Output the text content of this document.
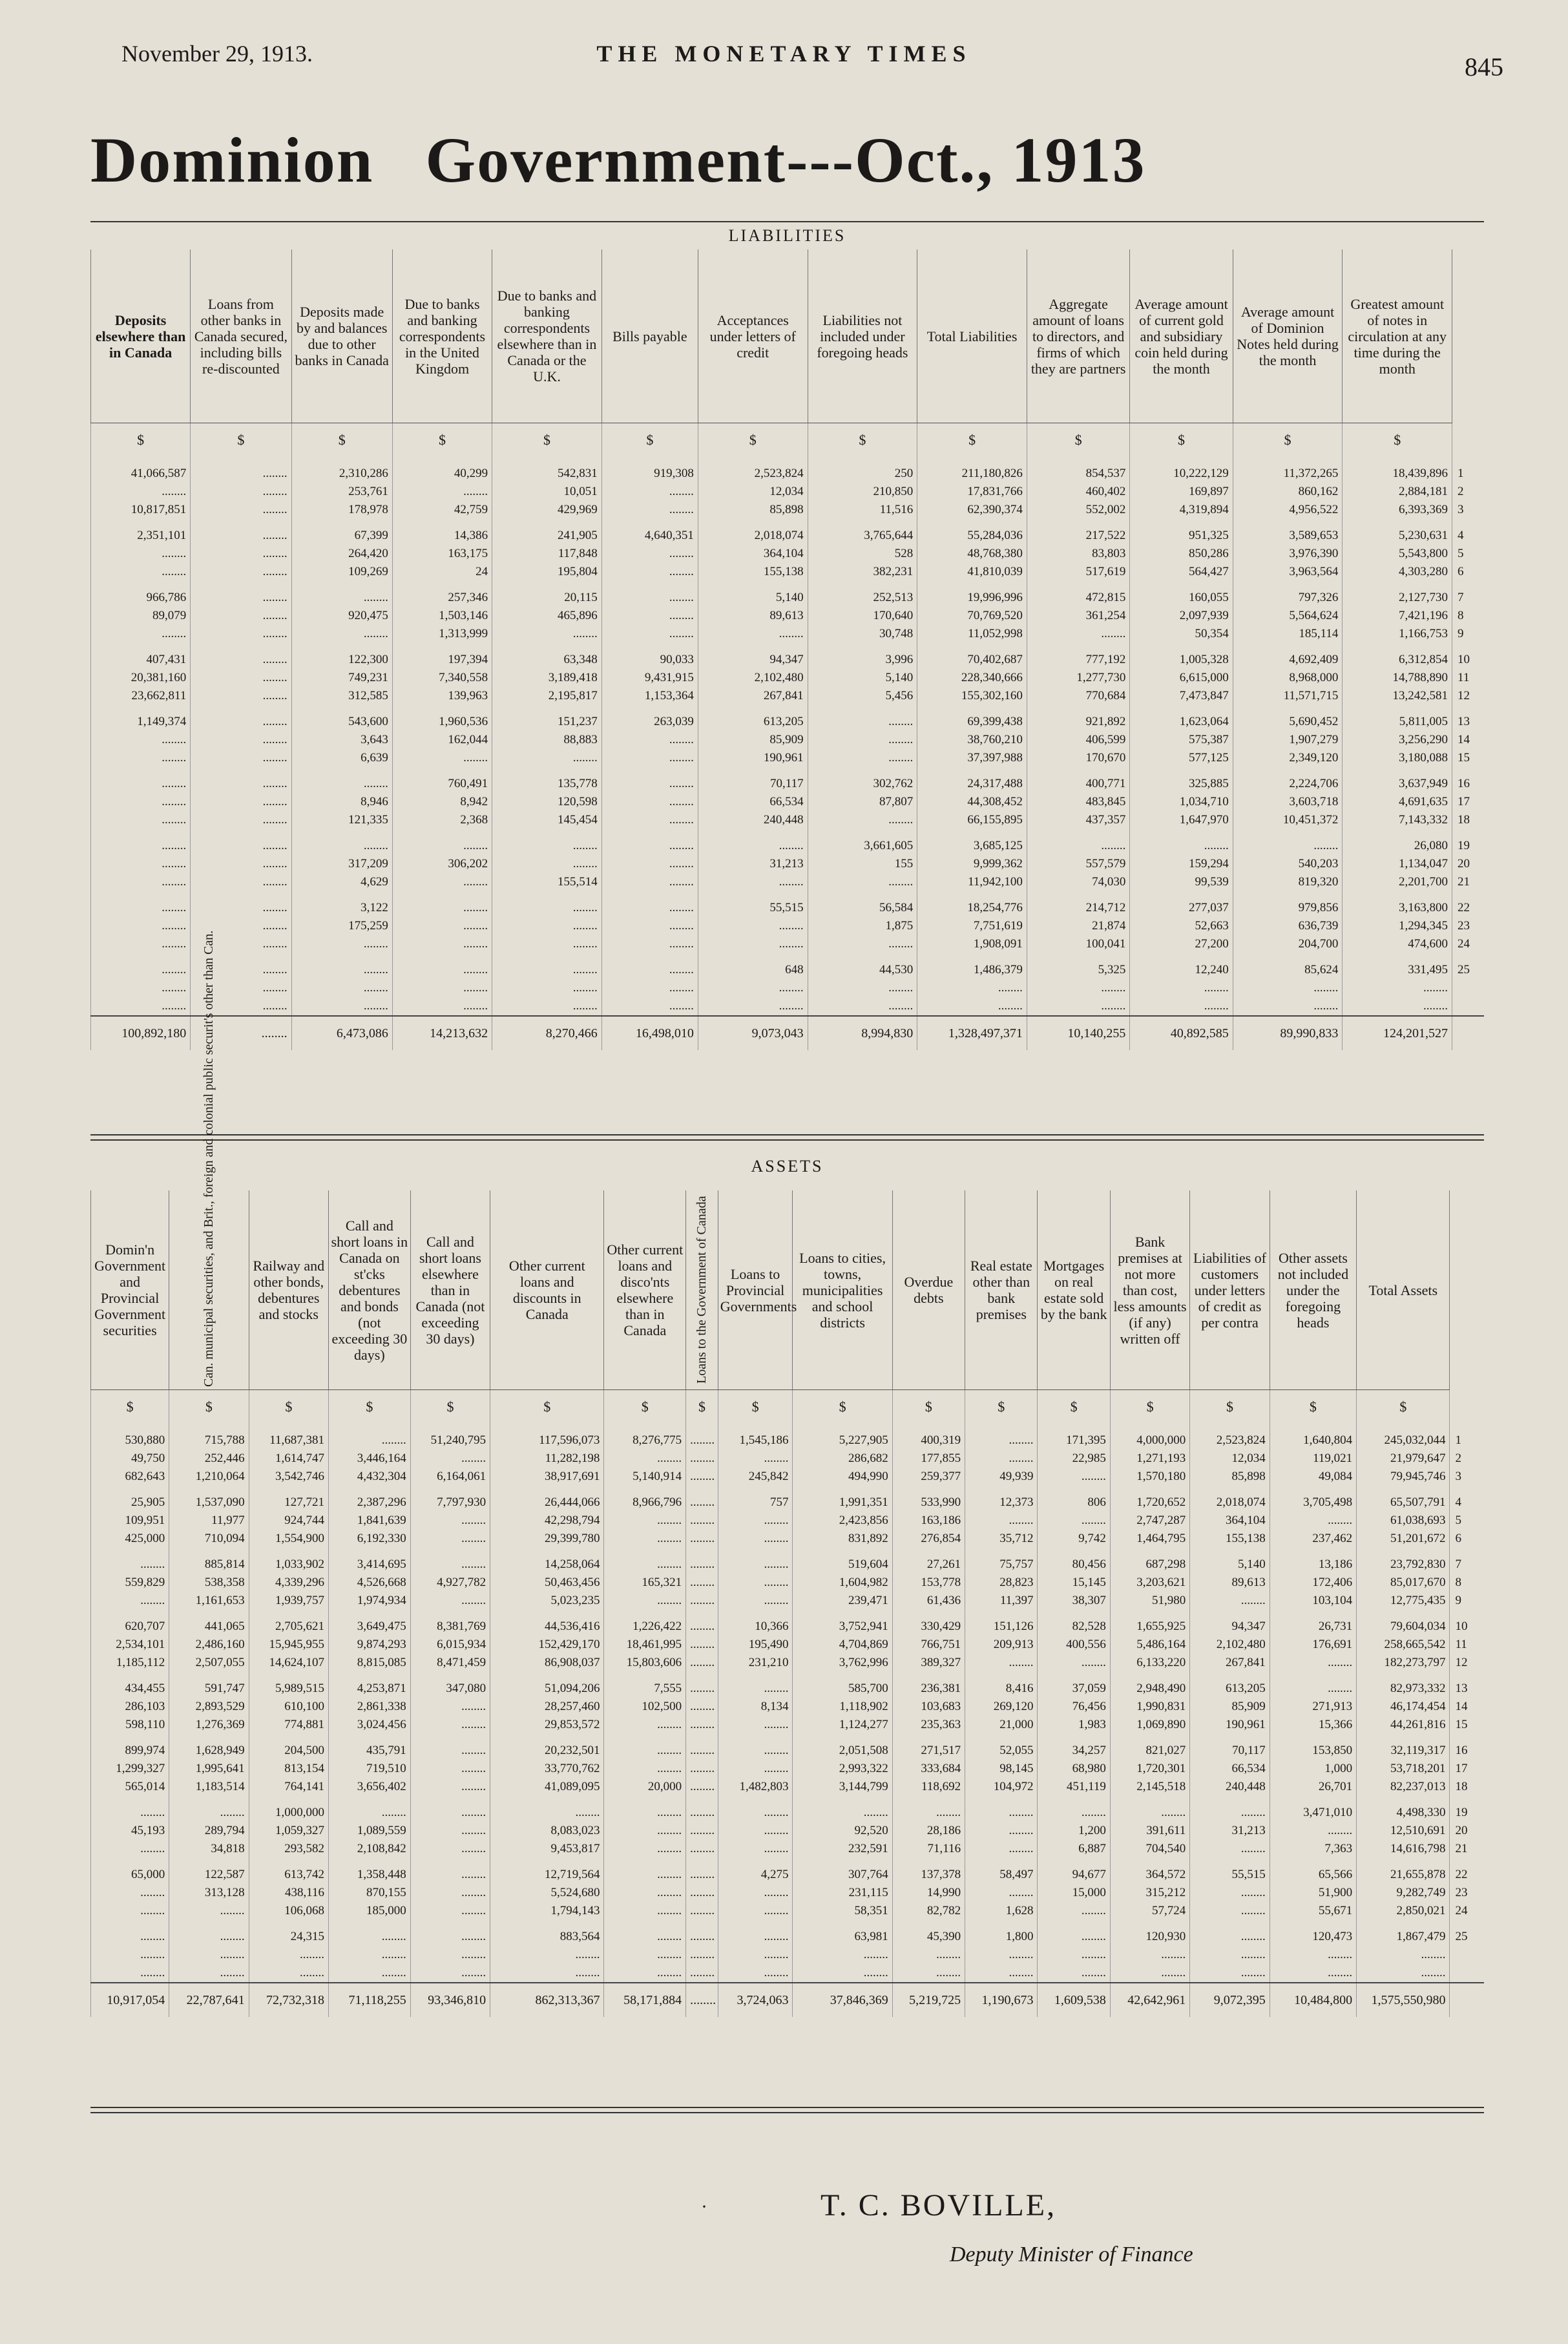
November 29, 1913.	THE MONETARY TIMES	845
Dominion Government---Oct., 1913
LIABILITIES
Deposits elsewhere than in Canada	Loans from other banks in Canada secured, including bills re-discounted	Deposits made by and balances due to other banks in Canada	Due to banks and banking correspondents in the United Kingdom	Due to banks and banking correspondents elsewhere than in Canada or the U.K.	Bills payable	Acceptances under letters of credit	Liabilities not included under foregoing heads	Total Liabilities	Aggregate amount of loans to directors, and firms of which they are partners	Average amount of current gold and subsidiary coin held during the month	Average amount of Dominion Notes held during the month	Greatest amount of notes in circulation at any time during the month	
$	$	$	$	$	$	$	$	$	$	$	$	$	
41,066,587	........	2,310,286	40,299	542,831	919,308	2,523,824	250	211,180,826	854,537	10,222,129	11,372,265	18,439,896	1
........	........	253,761	........	10,051	........	12,034	210,850	17,831,766	460,402	169,897	860,162	2,884,181	2
10,817,851	........	178,978	42,759	429,969	........	85,898	11,516	62,390,374	552,002	4,319,894	4,956,522	6,393,369	3
2,351,101	........	67,399	14,386	241,905	4,640,351	2,018,074	3,765,644	55,284,036	217,522	951,325	3,589,653	5,230,631	4
........	........	264,420	163,175	117,848	........	364,104	528	48,768,380	83,803	850,286	3,976,390	5,543,800	5
........	........	109,269	24	195,804	........	155,138	382,231	41,810,039	517,619	564,427	3,963,564	4,303,280	6
966,786	........	........	257,346	20,115	........	5,140	252,513	19,996,996	472,815	160,055	797,326	2,127,730	7
89,079	........	920,475	1,503,146	465,896	........	89,613	170,640	70,769,520	361,254	2,097,939	5,564,624	7,421,196	8
........	........	........	1,313,999	........	........	........	30,748	11,052,998	........	50,354	185,114	1,166,753	9
407,431	........	122,300	197,394	63,348	90,033	94,347	3,996	70,402,687	777,192	1,005,328	4,692,409	6,312,854	10
20,381,160	........	749,231	7,340,558	3,189,418	9,431,915	2,102,480	5,140	228,340,666	1,277,730	6,615,000	8,968,000	14,788,890	11
23,662,811	........	312,585	139,963	2,195,817	1,153,364	267,841	5,456	155,302,160	770,684	7,473,847	11,571,715	13,242,581	12
1,149,374	........	543,600	1,960,536	151,237	263,039	613,205	........	69,399,438	921,892	1,623,064	5,690,452	5,811,005	13
........	........	3,643	162,044	88,883	........	85,909	........	38,760,210	406,599	575,387	1,907,279	3,256,290	14
........	........	6,639	........	........	........	190,961	........	37,397,988	170,670	577,125	2,349,120	3,180,088	15
........	........	........	760,491	135,778	........	70,117	302,762	24,317,488	400,771	325,885	2,224,706	3,637,949	16
........	........	8,946	8,942	120,598	........	66,534	87,807	44,308,452	483,845	1,034,710	3,603,718	4,691,635	17
........	........	121,335	2,368	145,454	........	240,448	........	66,155,895	437,357	1,647,970	10,451,372	7,143,332	18
........	........	........	........	........	........	........	3,661,605	3,685,125	........	........	........	26,080	19
........	........	317,209	306,202	........	........	31,213	155	9,999,362	557,579	159,294	540,203	1,134,047	20
........	........	4,629	........	155,514	........	........	........	11,942,100	74,030	99,539	819,320	2,201,700	21
........	........	3,122	........	........	........	55,515	56,584	18,254,776	214,712	277,037	979,856	3,163,800	22
........	........	175,259	........	........	........	........	1,875	7,751,619	21,874	52,663	636,739	1,294,345	23
........	........	........	........	........	........	........	........	1,908,091	100,041	27,200	204,700	474,600	24
........	........	........	........	........	........	648	44,530	1,486,379	5,325	12,240	85,624	331,495	25
........	........	........	........	........	........	........	........	........	........	........	........	........	
........	........	........	........	........	........	........	........	........	........	........	........	........	
100,892,180	........	6,473,086	14,213,632	8,270,466	16,498,010	9,073,043	8,994,830	1,328,497,371	10,140,255	40,892,585	89,990,833	124,201,527	
ASSETS
Domin'n Government and Provincial Government securities	Can. municipal securities, and Brit., foreign and colonial public securit's other than Can.	Railway and other bonds, debentures and stocks	Call and short loans in Canada on st'cks debentures and bonds (not exceeding 30 days)	Call and short loans elsewhere than in Canada (not exceeding 30 days)	Other current loans and discounts in Canada	Other current loans and disco'nts elsewhere than in Canada	Loans to the Government of Canada	Loans to Provincial Governments	Loans to cities, towns, municipalities and school districts	Overdue debts	Real estate other than bank premises	Mortgages on real estate sold by the bank	Bank premises at not more than cost, less amounts (if any) written off	Liabilities of customers under letters of credit as per contra	Other assets not included under the foregoing heads	Total Assets	
$	$	$	$	$	$	$	$	$	$	$	$	$	$	$	$	$	
530,880	715,788	11,687,381	........	51,240,795	117,596,073	8,276,775	........	1,545,186	5,227,905	400,319	........	171,395	4,000,000	2,523,824	1,640,804	245,032,044	1
49,750	252,446	1,614,747	3,446,164	........	11,282,198	........	........	........	286,682	177,855	........	22,985	1,271,193	12,034	119,021	21,979,647	2
682,643	1,210,064	3,542,746	4,432,304	6,164,061	38,917,691	5,140,914	........	245,842	494,990	259,377	49,939	........	1,570,180	85,898	49,084	79,945,746	3
25,905	1,537,090	127,721	2,387,296	7,797,930	26,444,066	8,966,796	........	757	1,991,351	533,990	12,373	806	1,720,652	2,018,074	3,705,498	65,507,791	4
109,951	11,977	924,744	1,841,639	........	42,298,794	........	........	........	2,423,856	163,186	........	........	2,747,287	364,104	........	61,038,693	5
425,000	710,094	1,554,900	6,192,330	........	29,399,780	........	........	........	831,892	276,854	35,712	9,742	1,464,795	155,138	237,462	51,201,672	6
........	885,814	1,033,902	3,414,695	........	14,258,064	........	........	........	519,604	27,261	75,757	80,456	687,298	5,140	13,186	23,792,830	7
559,829	538,358	4,339,296	4,526,668	4,927,782	50,463,456	165,321	........	........	1,604,982	153,778	28,823	15,145	3,203,621	89,613	172,406	85,017,670	8
........	1,161,653	1,939,757	1,974,934	........	5,023,235	........	........	........	239,471	61,436	11,397	38,307	51,980	........	103,104	12,775,435	9
620,707	441,065	2,705,621	3,649,475	8,381,769	44,536,416	1,226,422	........	10,366	3,752,941	330,429	151,126	82,528	1,655,925	94,347	26,731	79,604,034	10
2,534,101	2,486,160	15,945,955	9,874,293	6,015,934	152,429,170	18,461,995	........	195,490	4,704,869	766,751	209,913	400,556	5,486,164	2,102,480	176,691	258,665,542	11
1,185,112	2,507,055	14,624,107	8,815,085	8,471,459	86,908,037	15,803,606	........	231,210	3,762,996	389,327	........	........	6,133,220	267,841	........	182,273,797	12
434,455	591,747	5,989,515	4,253,871	347,080	51,094,206	7,555	........	........	585,700	236,381	8,416	37,059	2,948,490	613,205	........	82,973,332	13
286,103	2,893,529	610,100	2,861,338	........	28,257,460	102,500	........	8,134	1,118,902	103,683	269,120	76,456	1,990,831	85,909	271,913	46,174,454	14
598,110	1,276,369	774,881	3,024,456	........	29,853,572	........	........	........	1,124,277	235,363	21,000	1,983	1,069,890	190,961	15,366	44,261,816	15
899,974	1,628,949	204,500	435,791	........	20,232,501	........	........	........	2,051,508	271,517	52,055	34,257	821,027	70,117	153,850	32,119,317	16
1,299,327	1,995,641	813,154	719,510	........	33,770,762	........	........	........	2,993,322	333,684	98,145	68,980	1,720,301	66,534	1,000	53,718,201	17
565,014	1,183,514	764,141	3,656,402	........	41,089,095	20,000	........	1,482,803	3,144,799	118,692	104,972	451,119	2,145,518	240,448	26,701	82,237,013	18
........	........	1,000,000	........	........	........	........	........	........	........	........	........	........	........	........	3,471,010	4,498,330	19
45,193	289,794	1,059,327	1,089,559	........	8,083,023	........	........	........	92,520	28,186	........	1,200	391,611	31,213	........	12,510,691	20
........	34,818	293,582	2,108,842	........	9,453,817	........	........	........	232,591	71,116	........	6,887	704,540	........	7,363	14,616,798	21
65,000	122,587	613,742	1,358,448	........	12,719,564	........	........	4,275	307,764	137,378	58,497	94,677	364,572	55,515	65,566	21,655,878	22
........	313,128	438,116	870,155	........	5,524,680	........	........	........	231,115	14,990	........	15,000	315,212	........	51,900	9,282,749	23
........	........	106,068	185,000	........	1,794,143	........	........	........	58,351	82,782	1,628	........	57,724	........	55,671	2,850,021	24
........	........	24,315	........	........	883,564	........	........	........	63,981	45,390	1,800	........	120,930	........	120,473	1,867,479	25
........	........	........	........	........	........	........	........	........	........	........	........	........	........	........	........	........	
........	........	........	........	........	........	........	........	........	........	........	........	........	........	........	........	........	
10,917,054	22,787,641	72,732,318	71,118,255	93,346,810	862,313,367	58,171,884	........	3,724,063	37,846,369	5,219,725	1,190,673	1,609,538	42,642,961	9,072,395	10,484,800	1,575,550,980	
·	T. C. BOVILLE,
Deputy Minister of Finance
